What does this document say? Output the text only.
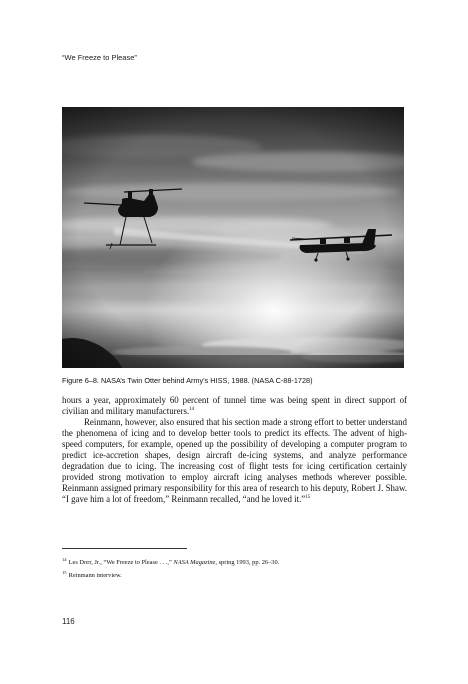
“We Freeze to Please”
Figure 6–8. NASA’s Twin Otter behind Army’s HISS, 1988. (NASA C-88-1728)

hours a year, approximately 60 percent of tunnel time was being spent in direct support of civilian and military manufacturers.$^{14}$

Reinmann, however, also ensured that his section made a strong effort to better understand the phenomena of icing and to develop better tools to predict its effects. The advent of high-speed computers, for example, opened up the possibility of developing a computer program to predict ice-accretion shapes, design aircraft de-icing systems, and analyze performance degradation due to icing. The increasing cost of flight tests for icing certification certainly provided strong motivation to employ aircraft icing analyses methods wherever possible. Reinmann assigned primary responsibility for this area of research to his deputy, Robert J. Shaw. “I gave him a lot of freedom,” Reinmann recalled, “and he loved it.”$^{15}$

$^{14}$ Les Dorr, Jr., “We Freeze to Please . . .,” NASA Magazine, spring 1993, pp. 26–30.
$^{15}$ Reinmann interview.
116
